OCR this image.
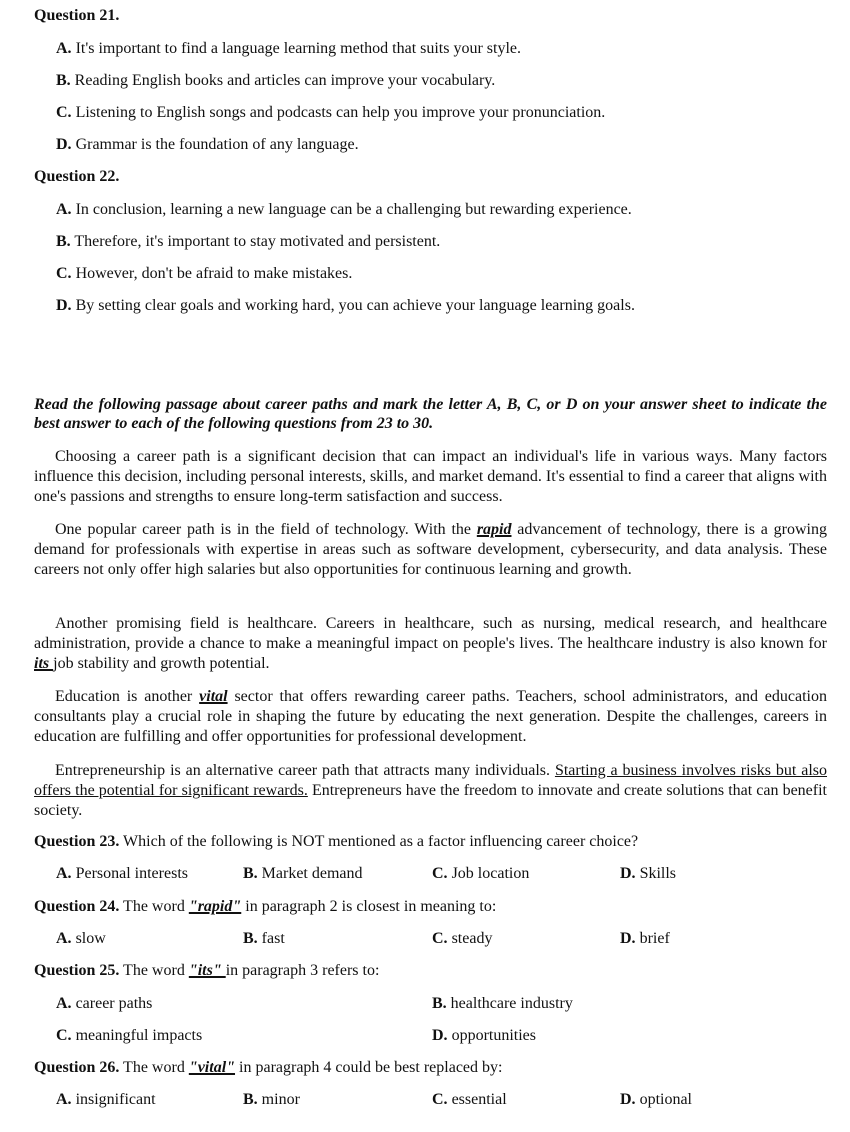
Question 21.
A. It's important to find a language learning method that suits your style.
B. Reading English books and articles can improve your vocabulary.
C. Listening to English songs and podcasts can help you improve your pronunciation.
D. Grammar is the foundation of any language.
Question 22.
A. In conclusion, learning a new language can be a challenging but rewarding experience.
B. Therefore, it's important to stay motivated and persistent.
C. However, don't be afraid to make mistakes.
D. By setting clear goals and working hard, you can achieve your language learning goals.
Read the following passage about career paths and mark the letter A, B, C, or D on your answer sheet to indicate the best answer to each of the following questions from 23 to 30.
Choosing a career path is a significant decision that can impact an individual's life in various ways. Many factors influence this decision, including personal interests, skills, and market demand. It's essential to find a career that aligns with one's passions and strengths to ensure long-term satisfaction and success.
One popular career path is in the field of technology. With the rapid advancement of technology, there is a growing demand for professionals with expertise in areas such as software development, cybersecurity, and data analysis. These careers not only offer high salaries but also opportunities for continuous learning and growth.
Another promising field is healthcare. Careers in healthcare, such as nursing, medical research, and healthcare administration, provide a chance to make a meaningful impact on people's lives. The healthcare industry is also known for its job stability and growth potential.
Education is another vital sector that offers rewarding career paths. Teachers, school administrators, and education consultants play a crucial role in shaping the future by educating the next generation. Despite the challenges, careers in education are fulfilling and offer opportunities for professional development.
Entrepreneurship is an alternative career path that attracts many individuals. Starting a business involves risks but also offers the potential for significant rewards. Entrepreneurs have the freedom to innovate and create solutions that can benefit society.
Question 23. Which of the following is NOT mentioned as a factor influencing career choice?
A. Personal interests	B. Market demand	C. Job location	D. Skills
Question 24. The word "rapid" in paragraph 2 is closest in meaning to:
A. slow	B. fast	C. steady	D. brief
Question 25. The word "its" in paragraph 3 refers to:
A. career paths	B. healthcare industry
C. meaningful impacts	D. opportunities
Question 26. The word "vital" in paragraph 4 could be best replaced by:
A. insignificant	B. minor	C. essential	D. optional
